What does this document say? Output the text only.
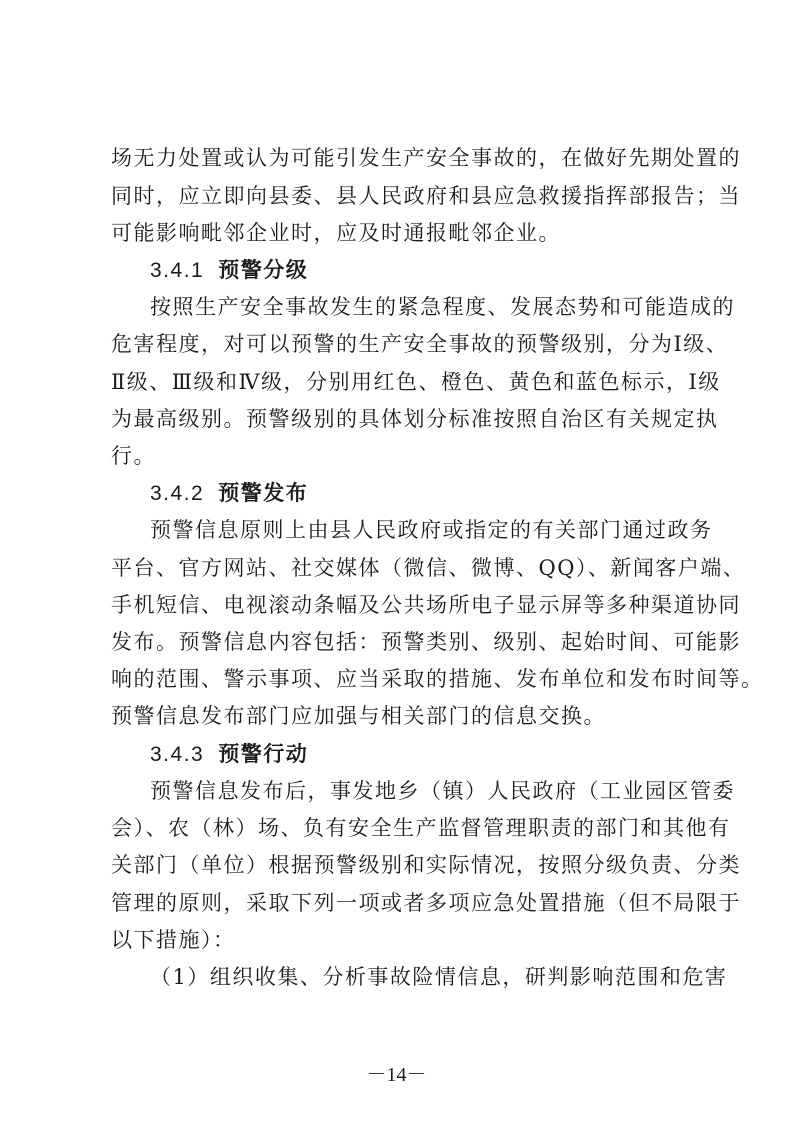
场无力处置或认为可能引发生产安全事故的，在做好先期处置的
同时，应立即向县委、县人民政府和县应急救援指挥部报告；当
可能影响毗邻企业时，应及时通报毗邻企业。
3.4.1 预警分级
按照生产安全事故发生的紧急程度、发展态势和可能造成的
危害程度，对可以预警的生产安全事故的预警级别，分为Ⅰ级、
Ⅱ级、Ⅲ级和Ⅳ级，分别用红色、橙色、黄色和蓝色标示，Ⅰ级
为最高级别。预警级别的具体划分标准按照自治区有关规定执
行。
3.4.2 预警发布
预警信息原则上由县人民政府或指定的有关部门通过政务
平台、官方网站、社交媒体（微信、微博、QQ）、新闻客户端、
手机短信、电视滚动条幅及公共场所电子显示屏等多种渠道协同
发布。预警信息内容包括：预警类别、级别、起始时间、可能影
响的范围、警示事项、应当采取的措施、发布单位和发布时间等。
预警信息发布部门应加强与相关部门的信息交换。
3.4.3 预警行动
预警信息发布后，事发地乡（镇）人民政府（工业园区管委
会）、农（林）场、负有安全生产监督管理职责的部门和其他有
关部门（单位）根据预警级别和实际情况，按照分级负责、分类
管理的原则，采取下列一项或者多项应急处置措施（但不局限于
以下措施）：
（1）组织收集、分析事故险情信息，研判影响范围和危害
－14－
